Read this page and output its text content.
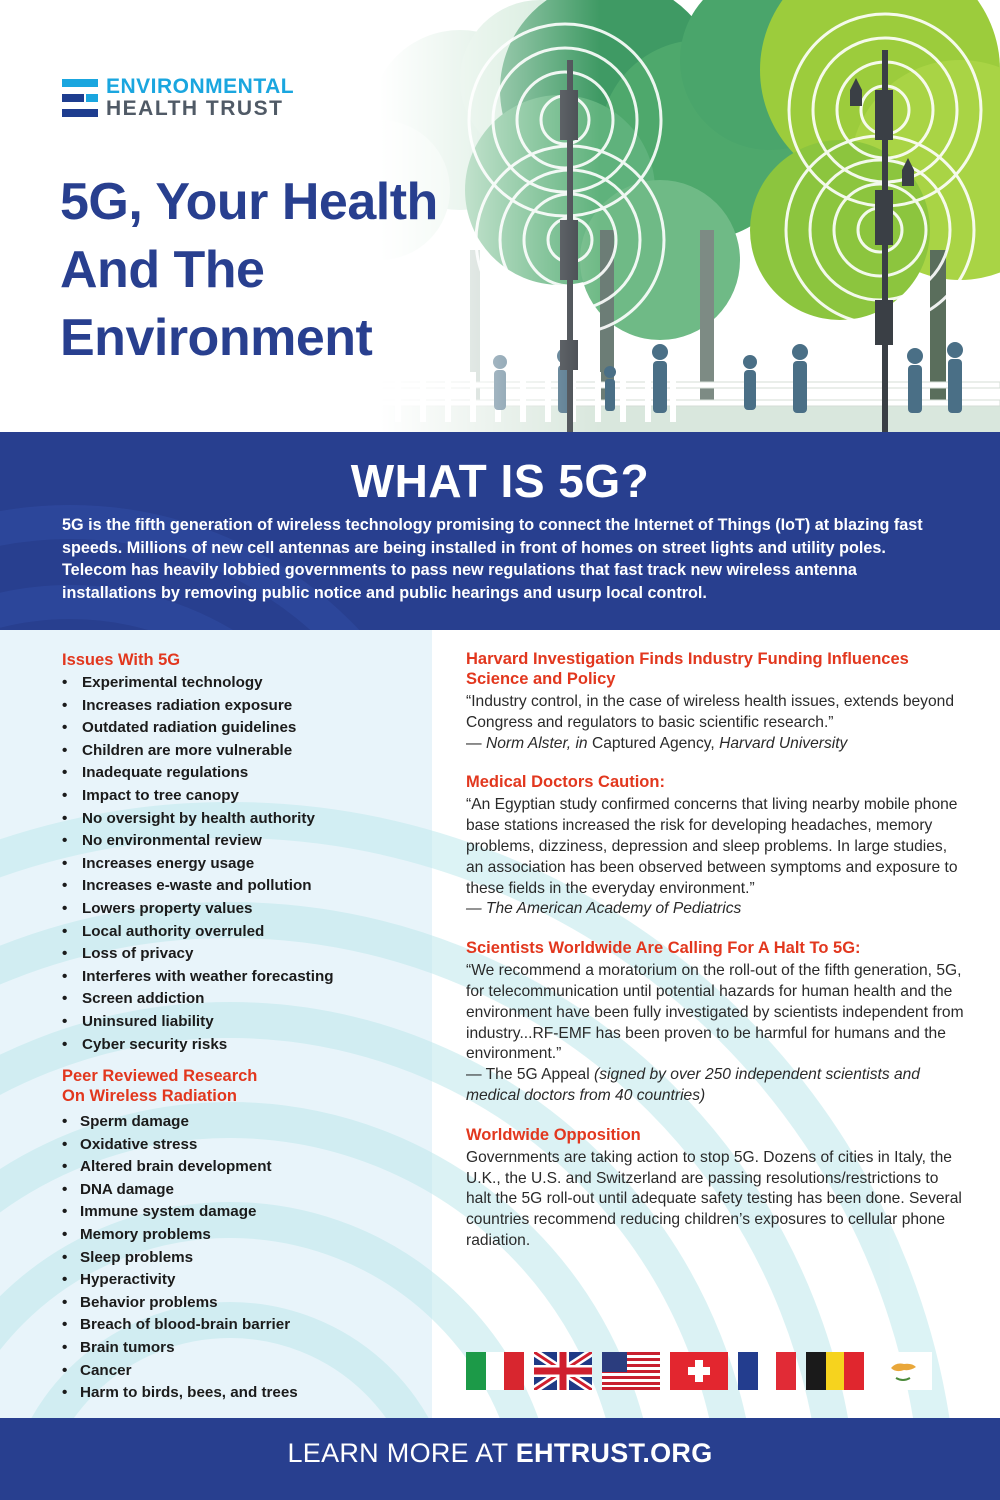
ENVIRONMENTAL
HEALTH TRUST
5G, Your Health And The Environment
WHAT IS 5G?

5G is the fifth generation of wireless technology promising to connect the Internet of Things (IoT) at blazing fast speeds. Millions of new cell antennas are being installed in front of homes on street lights and utility poles. Telecom has heavily lobbied governments to pass new regulations that fast track new wireless antenna installations by removing public notice and public hearings and usurp local control.

Issues With 5G
• Experimental technology
• Increases radiation exposure
• Outdated radiation guidelines
• Children are more vulnerable
• Inadequate regulations
• Impact to tree canopy
• No oversight by health authority
• No environmental review
• Increases energy usage
• Increases e-waste and pollution
• Lowers property values
• Local authority overruled
• Loss of privacy
• Interferes with weather forecasting
• Screen addiction
• Uninsured liability
• Cyber security risks
Peer Reviewed Research
On Wireless Radiation
• Sperm damage
• Oxidative stress
• Altered brain development
• DNA damage
• Immune system damage
• Memory problems
• Sleep problems
• Hyperactivity
• Behavior problems
• Breach of blood-brain barrier
• Brain tumors
• Cancer
• Harm to birds, bees, and trees
Harvard Investigation Finds Industry Funding Influences Science and Policy
“Industry control, in the case of wireless health issues, extends beyond Congress and regulators to basic scientific research.”
— Norm Alster, in Captured Agency, Harvard University
Medical Doctors Caution:
“An Egyptian study confirmed concerns that living nearby mobile phone base stations increased the risk for developing headaches, memory problems, dizziness, depression and sleep problems. In large studies, an association has been observed between symptoms and exposure to these fields in the everyday environment.”
— The American Academy of Pediatrics
Scientists Worldwide Are Calling For A Halt To 5G:
“We recommend a moratorium on the roll-out of the fifth generation, 5G, for telecommunication until potential hazards for human health and the environment have been fully investigated by scientists independent from industry...RF-EMF has been proven to be harmful for humans and the environment.”
— The 5G Appeal (signed by over 250 independent scientists and medical doctors from 40 countries)
Worldwide Opposition
Governments are taking action to stop 5G. Dozens of cities in Italy, the U.K., the U.S. and Switzerland are passing resolutions/restrictions to halt the 5G roll-out until adequate safety testing has been done. Several countries recommend reducing children’s exposures to cellular phone radiation.
LEARN MORE AT EHTRUST.ORG
